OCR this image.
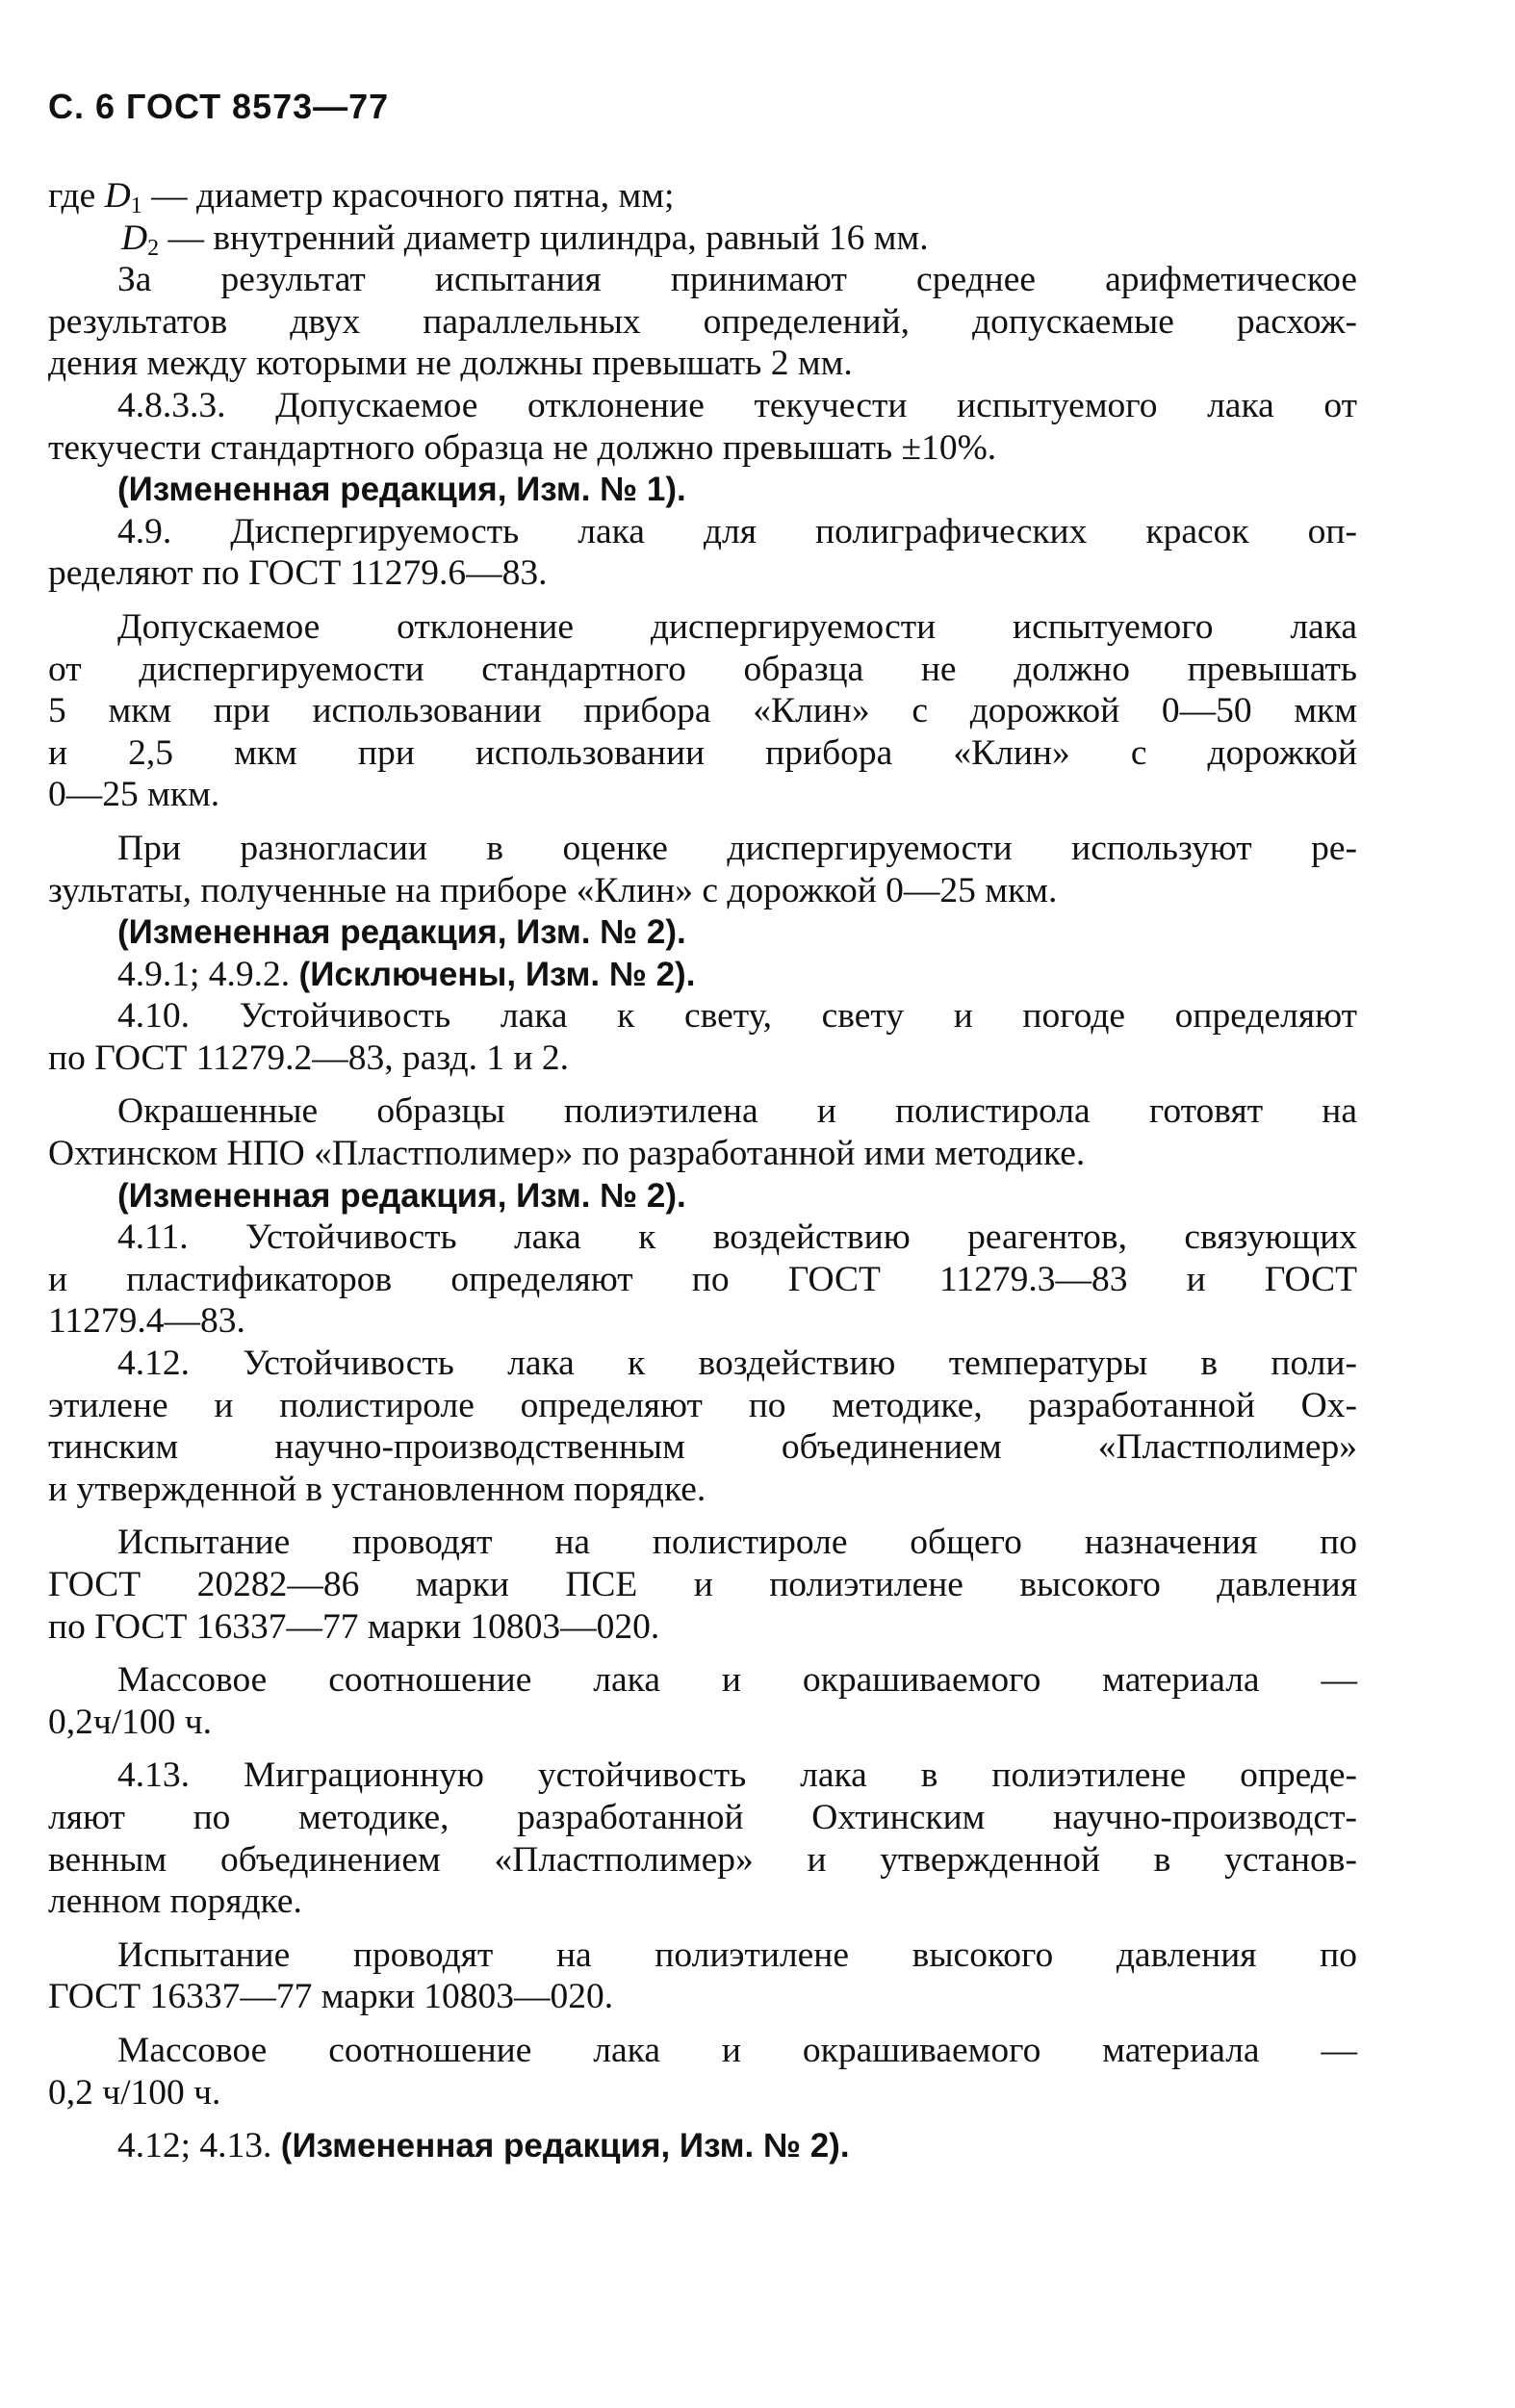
С. 6 ГОСТ 8573—77
где $D_1$ — диаметр красочного пятна, мм;
$D_2$ — внутренний диаметр цилиндра, равный 16 мм.
За результат испытания принимают среднее арифметическое
результатов двух параллельных определений, допускаемые расхож-
дения между которыми не должны превышать 2 мм.
4.8.3.3. Допускаемое отклонение текучести испытуемого лака от
текучести стандартного образца не должно превышать ±10%.
(Измененная редакция, Изм. № 1).
4.9. Диспергируемость лака для полиграфических красок оп-
ределяют по ГОСТ 11279.6—83.
Допускаемое отклонение диспергируемости испытуемого лака
от диспергируемости стандартного образца не должно превышать
5 мкм при использовании прибора «Клин» с дорожкой 0—50 мкм
и 2,5 мкм при использовании прибора «Клин» с дорожкой
0—25 мкм.
При разногласии в оценке диспергируемости используют ре-
зультаты, полученные на приборе «Клин» с дорожкой 0—25 мкм.
(Измененная редакция, Изм. № 2).
4.9.1; 4.9.2. (Исключены, Изм. № 2).
4.10. Устойчивость лака к свету, свету и погоде определяют
по ГОСТ 11279.2—83, разд. 1 и 2.
Окрашенные образцы полиэтилена и полистирола готовят на
Охтинском НПО «Пластполимер» по разработанной ими методике.
(Измененная редакция, Изм. № 2).
4.11. Устойчивость лака к воздействию реагентов, связующих
и пластификаторов определяют по ГОСТ 11279.3—83 и ГОСТ
11279.4—83.
4.12. Устойчивость лака к воздействию температуры в поли-
этилене и полистироле определяют по методике, разработанной Ох-
тинским научно-производственным объединением «Пластполимер»
и утвержденной в установленном порядке.
Испытание проводят на полистироле общего назначения по
ГОСТ 20282—86 марки ПСЕ и полиэтилене высокого давления
по ГОСТ 16337—77 марки 10803—020.
Массовое соотношение лака и окрашиваемого материала —
0,2ч/100 ч.
4.13. Миграционную устойчивость лака в полиэтилене опреде-
ляют по методике, разработанной Охтинским научно-производст-
венным объединением «Пластполимер» и утвержденной в установ-
ленном порядке.
Испытание проводят на полиэтилене высокого давления по
ГОСТ 16337—77 марки 10803—020.
Массовое соотношение лака и окрашиваемого материала —
0,2 ч/100 ч.
4.12; 4.13. (Измененная редакция, Изм. № 2).
